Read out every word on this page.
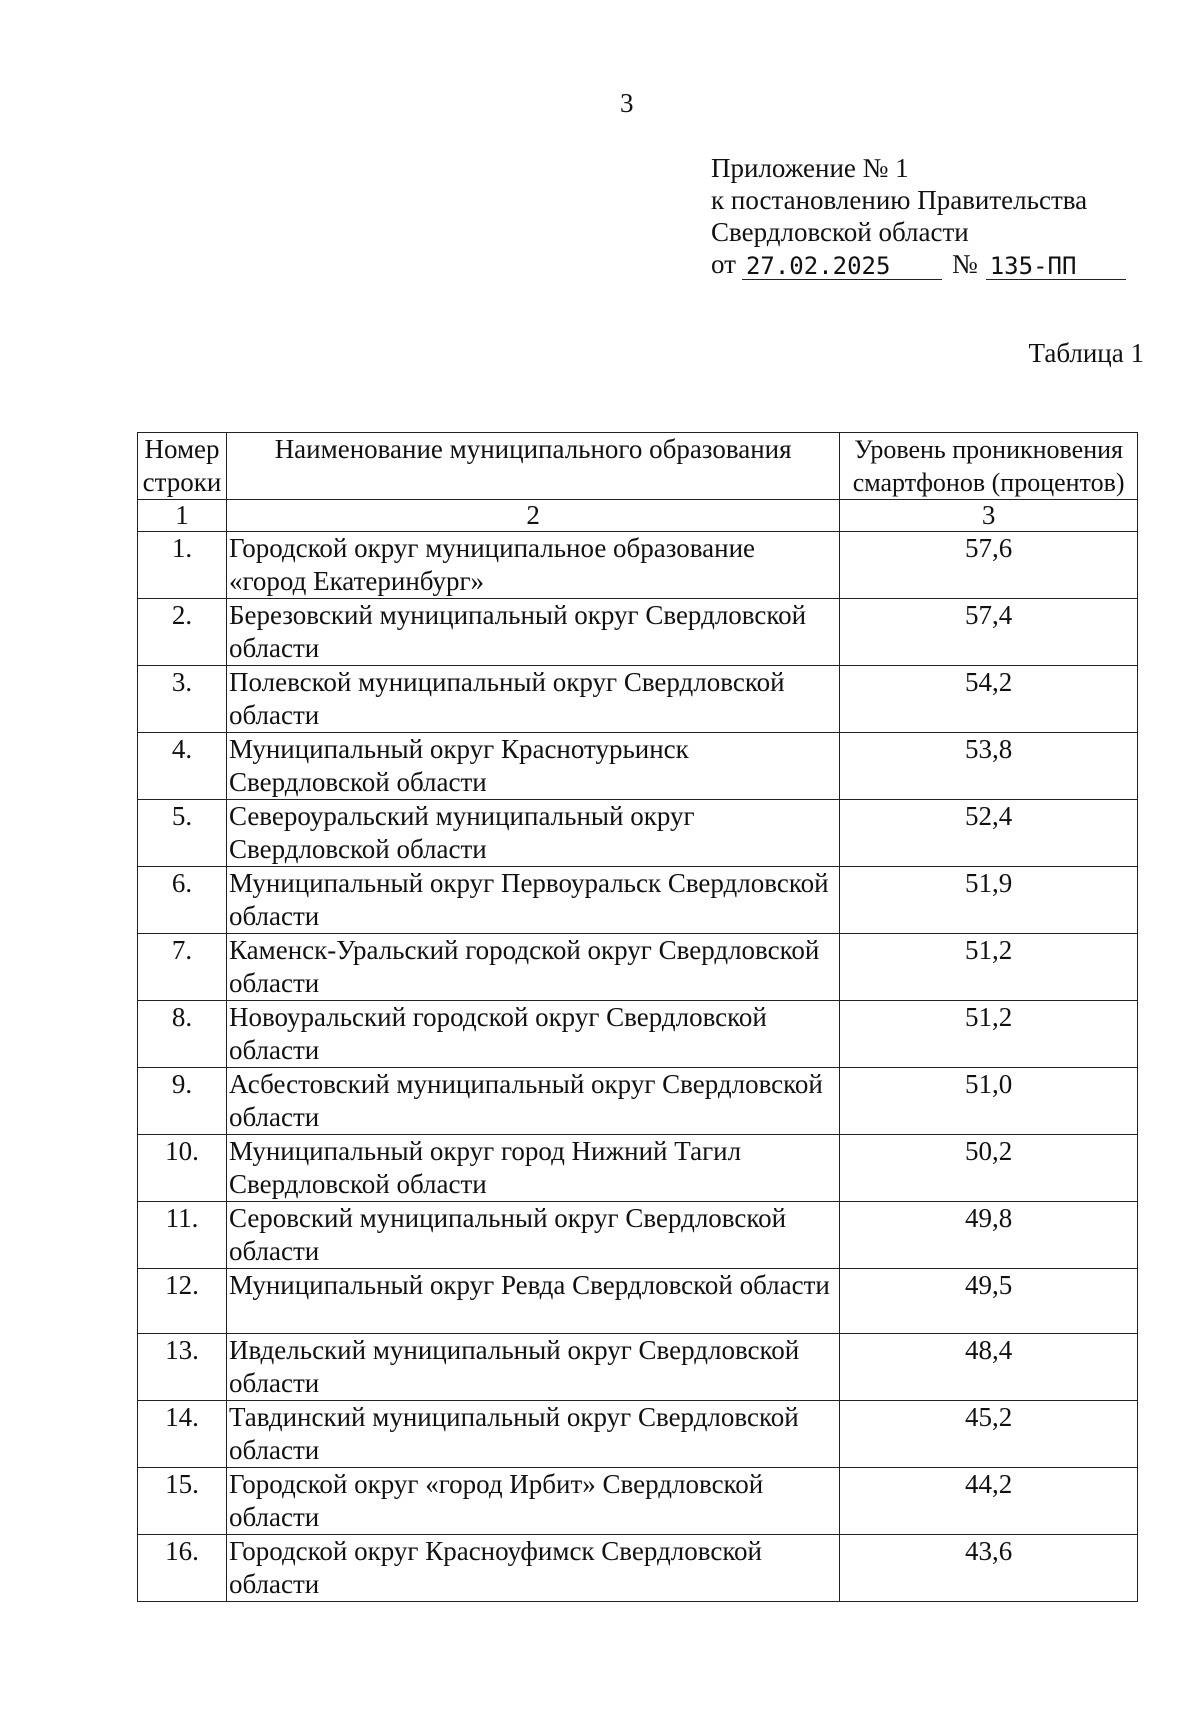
3
Приложение № 1
к постановлению Правительства
Свердловской области
от 27.02.2025	№ 135-ПП
Таблица 1
Номер строки	Наименование муниципального образования	Уровень проникновения смартфонов (процентов)
1	2	3
1.	Городской округ муниципальное образование «город Екатеринбург»	57,6
2.	Березовский муниципальный округ Свердловской области	57,4
3.	Полевской муниципальный округ Свердловской области	54,2
4.	Муниципальный округ Краснотурьинск Свердловской области	53,8
5.	Североуральский муниципальный округ Свердловской области	52,4
6.	Муниципальный округ Первоуральск Свердловской области	51,9
7.	Каменск-Уральский городской округ Свердловской области	51,2
8.	Новоуральский городской округ Свердловской области	51,2
9.	Асбестовский муниципальный округ Свердловской области	51,0
10.	Муниципальный округ город Нижний Тагил Свердловской области	50,2
11.	Серовский муниципальный округ Свердловской области	49,8
12.	Муниципальный округ Ревда Свердловской области	49,5
13.	Ивдельский муниципальный округ Свердловской области	48,4
14.	Тавдинский муниципальный округ Свердловской области	45,2
15.	Городской округ «город Ирбит» Свердловской области	44,2
16.	Городской округ Красноуфимск Свердловской области	43,6
